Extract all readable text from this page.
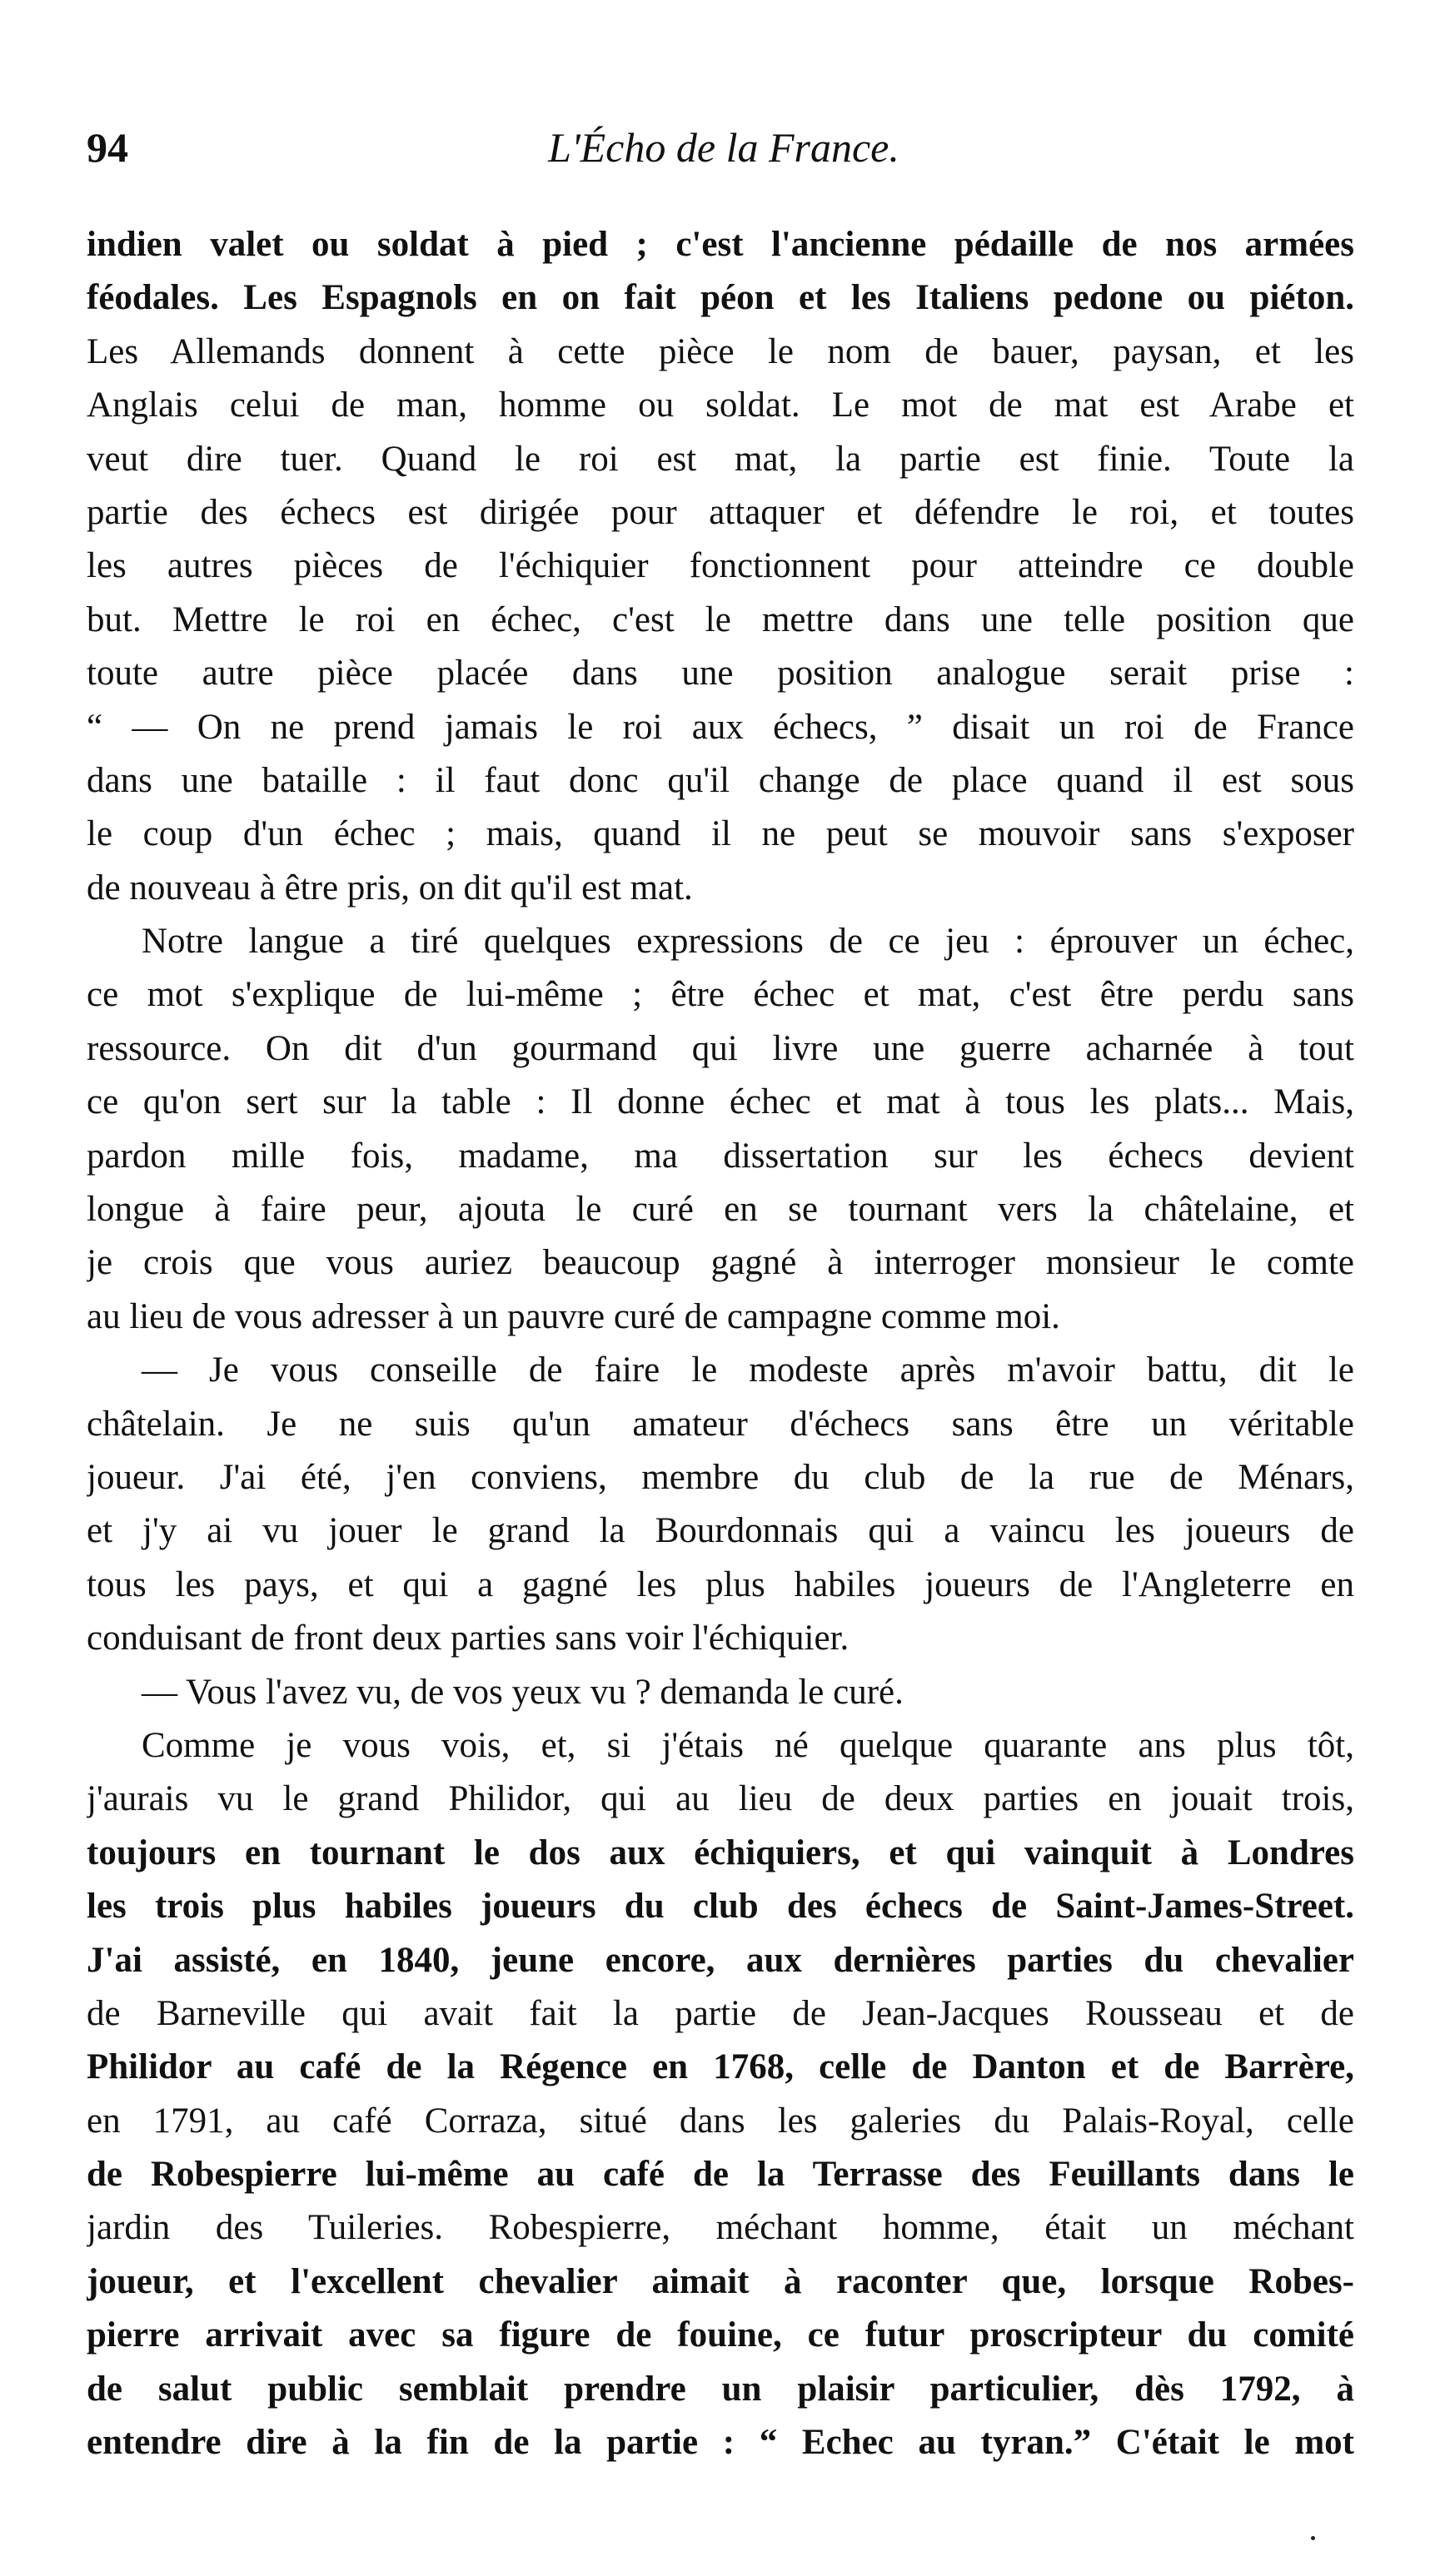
94	L'Écho de la France.
indien valet ou soldat à pied ; c'est l'ancienne pédaille de nos armées
féodales. Les Espagnols en on fait péon et les Italiens pedone ou piéton.
Les Allemands donnent à cette pièce le nom de bauer, paysan, et les
Anglais celui de man, homme ou soldat. Le mot de mat est Arabe et
veut dire tuer. Quand le roi est mat, la partie est finie. Toute la
partie des échecs est dirigée pour attaquer et défendre le roi, et toutes
les autres pièces de l'échiquier fonctionnent pour atteindre ce double
but. Mettre le roi en échec, c'est le mettre dans une telle position que
toute autre pièce placée dans une position analogue serait prise :
“ — On ne prend jamais le roi aux échecs, ” disait un roi de France
dans une bataille : il faut donc qu'il change de place quand il est sous
le coup d'un échec ; mais, quand il ne peut se mouvoir sans s'exposer
de nouveau à être pris, on dit qu'il est mat.
Notre langue a tiré quelques expressions de ce jeu : éprouver un échec,
ce mot s'explique de lui-même ; être échec et mat, c'est être perdu sans
ressource. On dit d'un gourmand qui livre une guerre acharnée à tout
ce qu'on sert sur la table : Il donne échec et mat à tous les plats... Mais,
pardon mille fois, madame, ma dissertation sur les échecs devient
longue à faire peur, ajouta le curé en se tournant vers la châtelaine, et
je crois que vous auriez beaucoup gagné à interroger monsieur le comte
au lieu de vous adresser à un pauvre curé de campagne comme moi.
— Je vous conseille de faire le modeste après m'avoir battu, dit le
châtelain. Je ne suis qu'un amateur d'échecs sans être un véritable
joueur. J'ai été, j'en conviens, membre du club de la rue de Ménars,
et j'y ai vu jouer le grand la Bourdonnais qui a vaincu les joueurs de
tous les pays, et qui a gagné les plus habiles joueurs de l'Angleterre en
conduisant de front deux parties sans voir l'échiquier.
— Vous l'avez vu, de vos yeux vu ? demanda le curé.
Comme je vous vois, et, si j'étais né quelque quarante ans plus tôt,
j'aurais vu le grand Philidor, qui au lieu de deux parties en jouait trois,
toujours en tournant le dos aux échiquiers, et qui vainquit à Londres
les trois plus habiles joueurs du club des échecs de Saint-James-Street.
J'ai assisté, en 1840, jeune encore, aux dernières parties du chevalier
de Barneville qui avait fait la partie de Jean-Jacques Rousseau et de
Philidor au café de la Régence en 1768, celle de Danton et de Barrère,
en 1791, au café Corraza, situé dans les galeries du Palais-Royal, celle
de Robespierre lui-même au café de la Terrasse des Feuillants dans le
jardin des Tuileries. Robespierre, méchant homme, était un méchant
joueur, et l'excellent chevalier aimait à raconter que, lorsque Robes-
pierre arrivait avec sa figure de fouine, ce futur proscripteur du comité
de salut public semblait prendre un plaisir particulier, dès 1792, à
entendre dire à la fin de la partie : “ Echec au tyran.” C'était le mot
